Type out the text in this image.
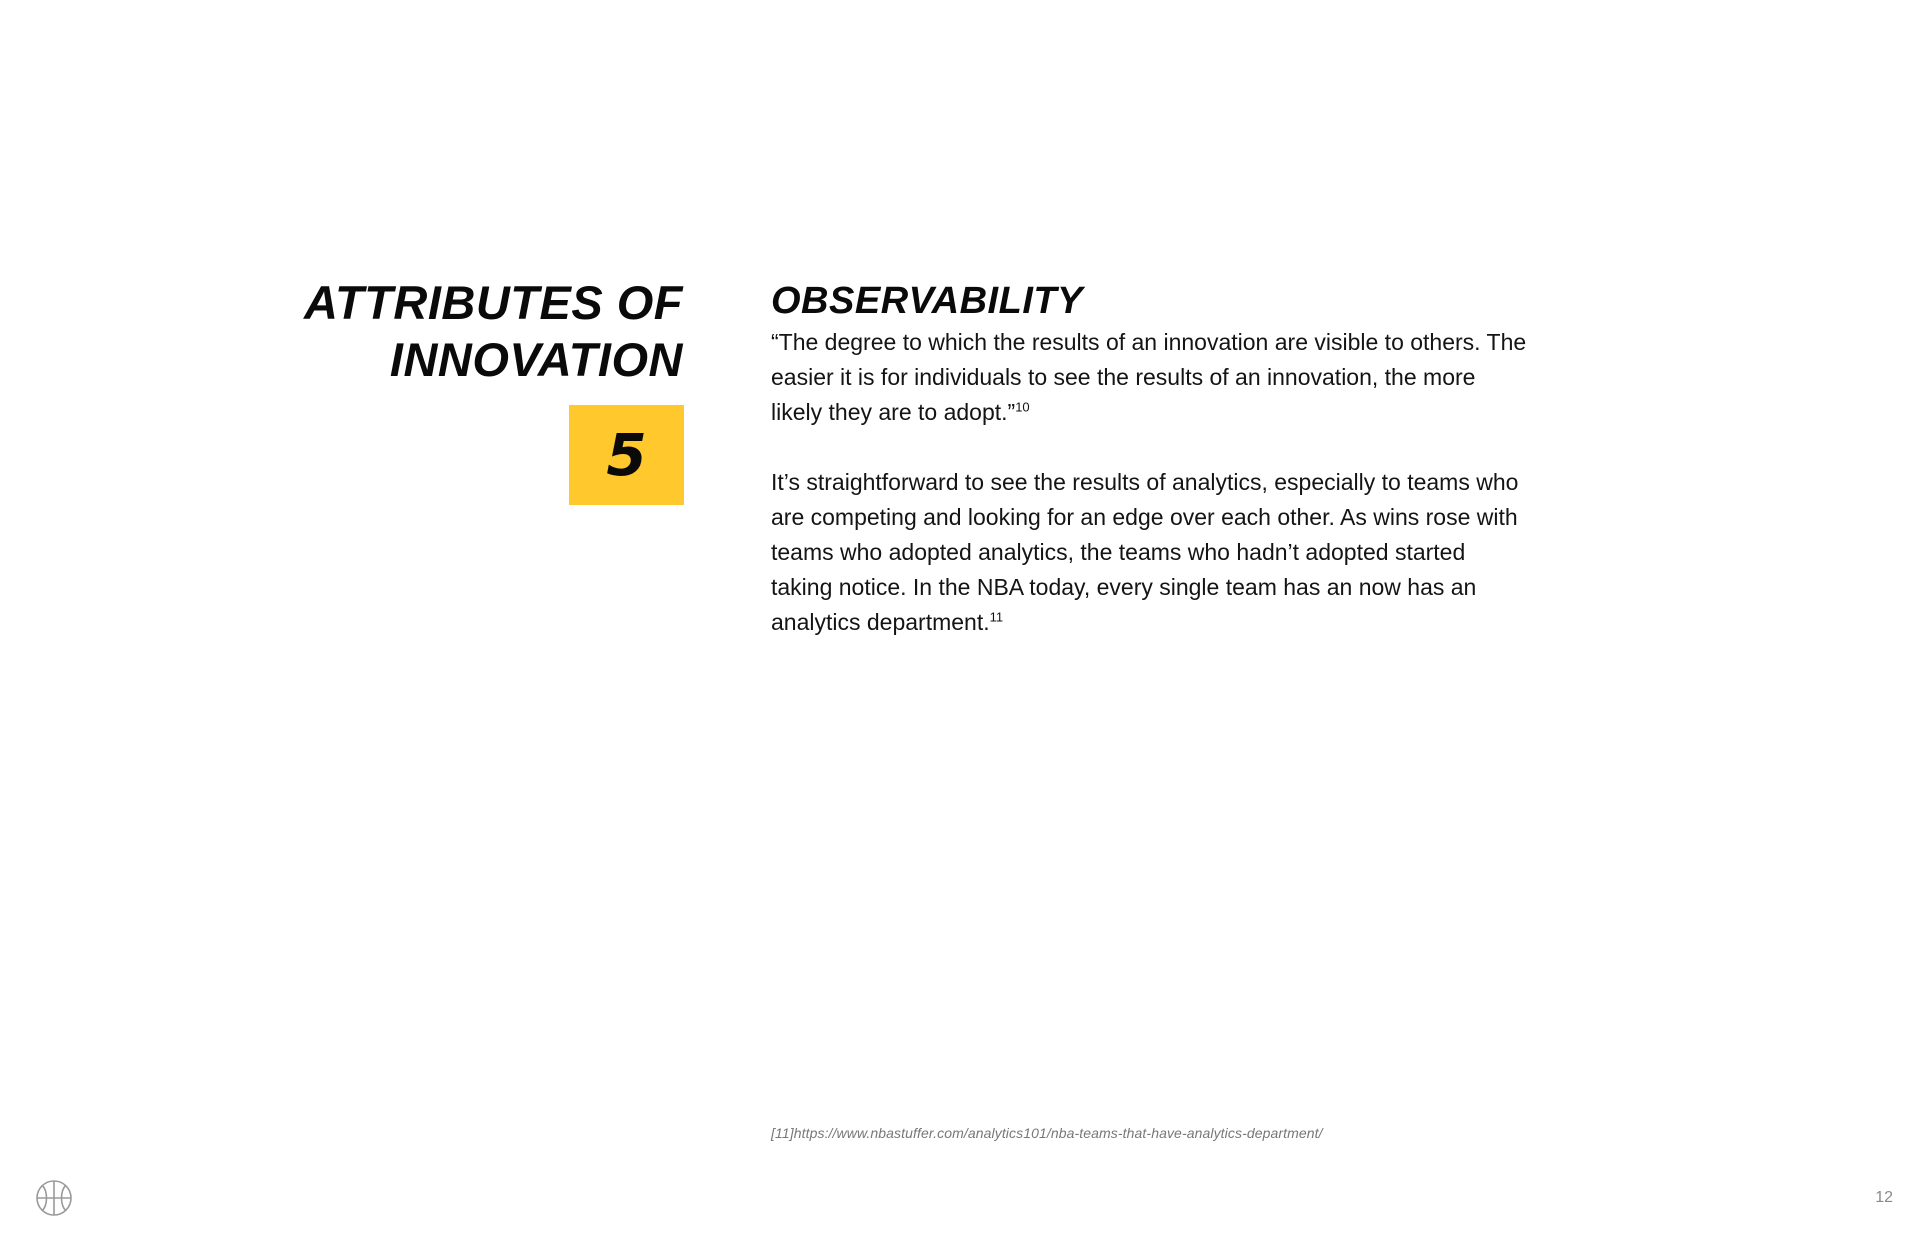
ATTRIBUTES OF
INNOVATION
5
OBSERVABILITY

“The degree to which the results of an innovation are visible to others. The easier it is for individuals to see the results of an innovation, the more likely they are to adopt.”$^{10}$

It’s straightforward to see the results of analytics, especially to teams who are competing and looking for an edge over each other. As wins rose with teams who adopted analytics, the teams who hadn’t adopted started taking notice. In the NBA today, every single team has an now has an analytics department.$^{11}$

[11]https://www.nbastuffer.com/analytics101/nba-teams-that-have-analytics-department/
12
